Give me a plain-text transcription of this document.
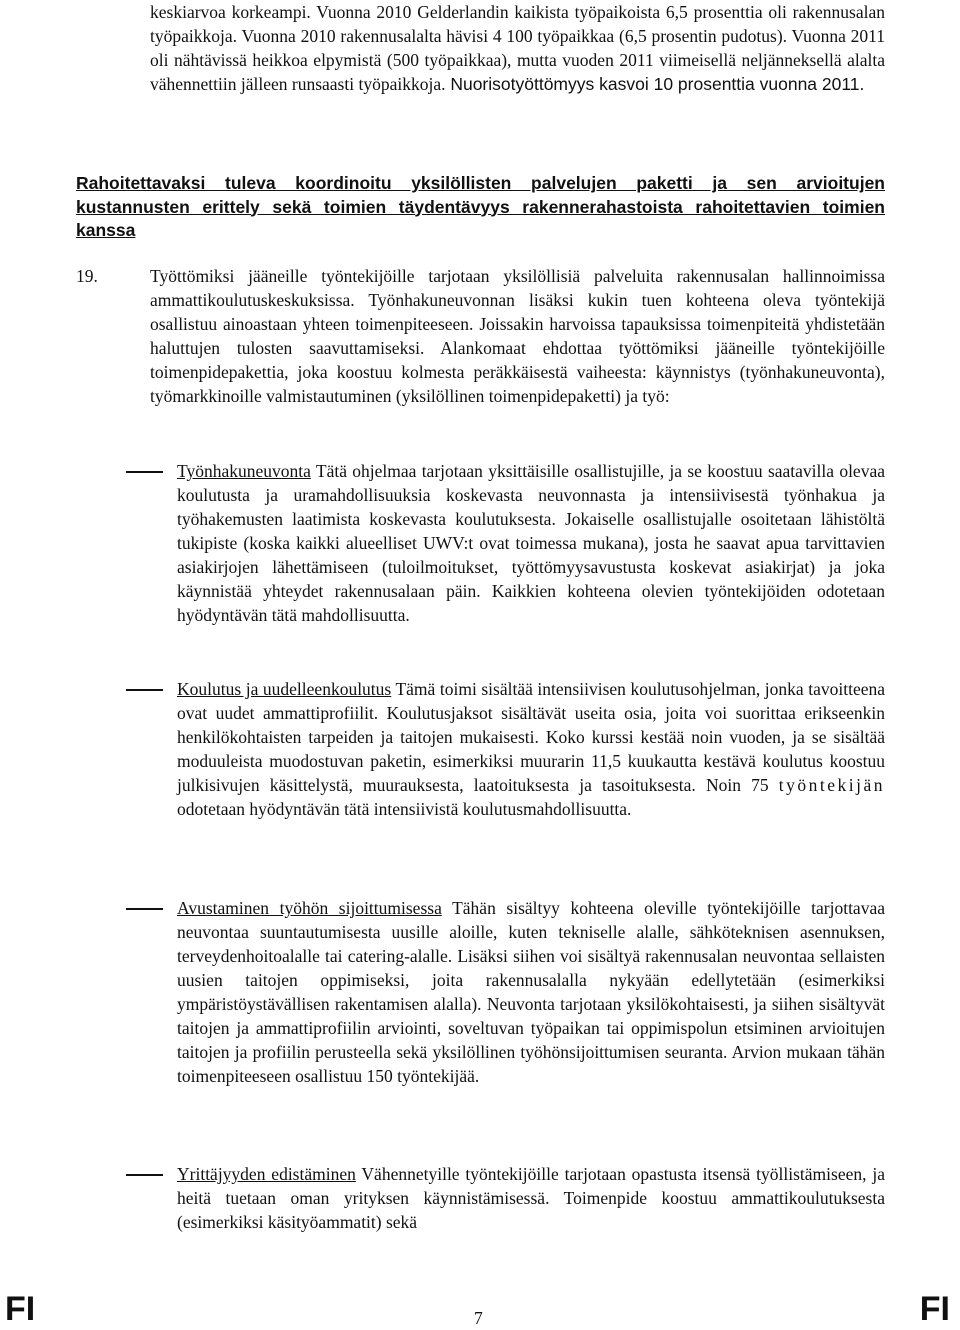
keskiarvoa korkeampi. Vuonna 2010 Gelderlandin kaikista työpaikoista 6,5 prosenttia oli rakennusalan työpaikkoja. Vuonna 2010 rakennusalalta hävisi 4 100 työpaikkaa (6,5 prosentin pudotus). Vuonna 2011 oli nähtävissä heikkoa elpymistä (500 työpaikkaa), mutta vuoden 2011 viimeisellä neljänneksellä alalta vähennettiin jälleen runsaasti työpaikkoja. Nuorisotyöttömyys kasvoi 10 prosenttia vuonna 2011.
Rahoitettavaksi tuleva koordinoitu yksilöllisten palvelujen paketti ja sen arvioitujen kustannusten erittely sekä toimien täydentävyys rakennerahastoista rahoitettavien toimien kanssa
19.	Työttömiksi jääneille työntekijöille tarjotaan yksilöllisiä palveluita rakennusalan hallinnoimissa ammattikoulutuskeskuksissa. Työnhakuneuvonnan lisäksi kukin tuen kohteena oleva työntekijä osallistuu ainoastaan yhteen toimenpiteeseen. Joissakin harvoissa tapauksissa toimenpiteitä yhdistetään haluttujen tulosten saavuttamiseksi. Alankomaat ehdottaa työttömiksi jääneille työntekijöille toimenpidepakettia, joka koostuu kolmesta peräkkäisestä vaiheesta: käynnistys (työnhakuneuvonta), työmarkkinoille valmistautuminen (yksilöllinen toimenpidepaketti) ja työ:
Työnhakuneuvonta Tätä ohjelmaa tarjotaan yksittäisille osallistujille, ja se koostuu saatavilla olevaa koulutusta ja uramahdollisuuksia koskevasta neuvonnasta ja intensiivisestä työnhakua ja työhakemusten laatimista koskevasta koulutuksesta. Jokaiselle osallistujalle osoitetaan lähistöltä tukipiste (koska kaikki alueelliset UWV:t ovat toimessa mukana), josta he saavat apua tarvittavien asiakirjojen lähettämiseen (tuloilmoitukset, työttömyysavustusta koskevat asiakirjat) ja joka käynnistää yhteydet rakennusalaan päin. Kaikkien kohteena olevien työntekijöiden odotetaan hyödyntävän tätä mahdollisuutta.
Koulutus ja uudelleenkoulutus Tämä toimi sisältää intensiivisen koulutusohjelman, jonka tavoitteena ovat uudet ammattiprofiilit. Koulutusjaksot sisältävät useita osia, joita voi suorittaa erikseenkin henkilökohtaisten tarpeiden ja taitojen mukaisesti. Koko kurssi kestää noin vuoden, ja se sisältää moduuleista muodostuvan paketin, esimerkiksi muurarin 11,5 kuukautta kestävä koulutus koostuu julkisivujen käsittelystä, muurauksesta, laatoituksesta ja tasoituksesta. Noin 75 työntekijän odotetaan hyödyntävän tätä intensiivistä koulutusmahdollisuutta.
Avustaminen työhön sijoittumisessa Tähän sisältyy kohteena oleville työntekijöille tarjottavaa neuvontaa suuntautumisesta uusille aloille, kuten tekniselle alalle, sähköteknisen asennuksen, terveydenhoitoalalle tai catering-alalle. Lisäksi siihen voi sisältyä rakennusalan neuvontaa sellaisten uusien taitojen oppimiseksi, joita rakennusalalla nykyään edellytetään (esimerkiksi ympäristöystävällisen rakentamisen alalla). Neuvonta tarjotaan yksilökohtaisesti, ja siihen sisältyvät taitojen ja ammattiprofiilin arviointi, soveltuvan työpaikan tai oppimispolun etsiminen arvioitujen taitojen ja profiilin perusteella sekä yksilöllinen työhönsijoittumisen seuranta. Arvion mukaan tähän toimenpiteeseen osallistuu 150 työntekijää.
Yrittäjyyden edistäminen Vähennetyille työntekijöille tarjotaan opastusta itsensä työllistämiseen, ja heitä tuetaan oman yrityksen käynnistämisessä. Toimenpide koostuu ammattikoulutuksesta (esimerkiksi käsityöammatit) sekä
FI	7	FI
